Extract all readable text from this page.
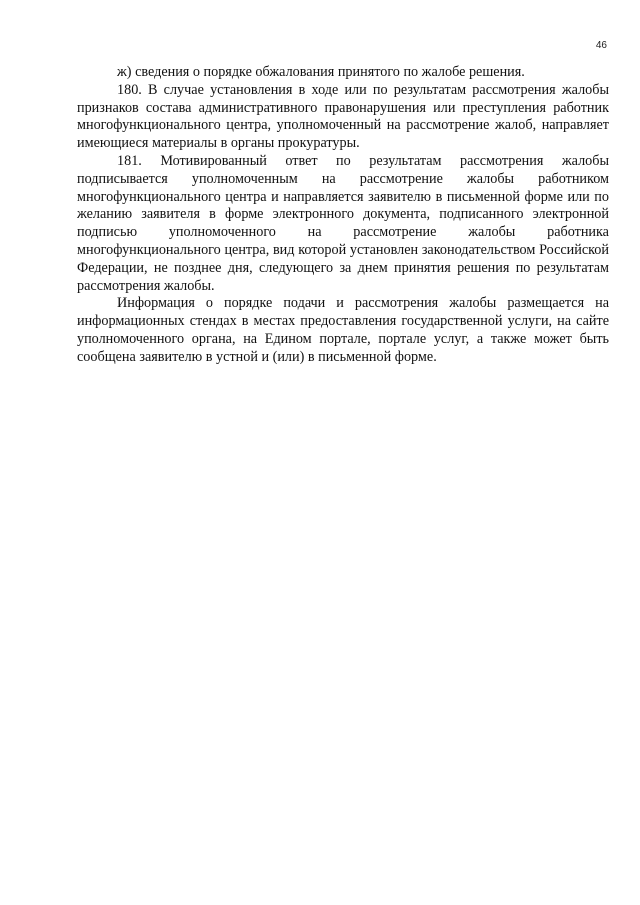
46

ж) сведения о порядке обжалования принятого по жалобе решения.

180. В случае установления в ходе или по результатам рассмотрения жалобы признаков состава административного правонарушения или преступления работник многофункционального центра, уполномоченный на рассмотрение жалоб, направляет имеющиеся материалы в органы прокуратуры.

181. Мотивированный ответ по результатам рассмотрения жалобы подписывается уполномоченным на рассмотрение жалобы работником многофункционального центра и направляется заявителю в письменной форме или по желанию заявителя в форме электронного документа, подписанного электронной подписью уполномоченного на рассмотрение жалобы работника многофункционального центра, вид которой установлен законодательством Российской Федерации, не позднее дня, следующего за днем принятия решения по результатам рассмотрения жалобы.

Информация о порядке подачи и рассмотрения жалобы размещается на информационных стендах в местах предоставления государственной услуги, на сайте уполномоченного органа, на Едином портале, портале услуг, а также может быть сообщена заявителю в устной и (или) в письменной форме.
